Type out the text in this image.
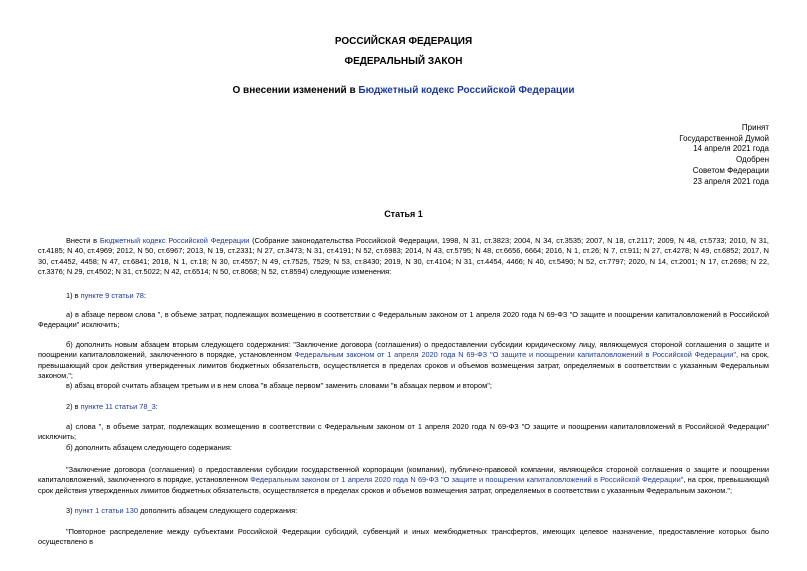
РОССИЙСКАЯ ФЕДЕРАЦИЯ
ФЕДЕРАЛЬНЫЙ ЗАКОН
О внесении изменений в Бюджетный кодекс Российской Федерации
Принят
Государственной Думой
14 апреля 2021 года
Одобрен
Советом Федерации
23 апреля 2021 года
Статья 1
Внести в Бюджетный кодекс Российской Федерации (Собрание законодательства Российской Федерации, 1998, N 31, ст.3823; 2004, N 34, ст.3535; 2007, N 18, ст.2117; 2009, N 48, ст.5733; 2010, N 31, ст.4185; N 40, ст.4969; 2012, N 50, ст.6967; 2013, N 19, ст.2331; N 27, ст.3473; N 31, ст.4191; N 52, ст.6983; 2014, N 43, ст.5795; N 48, ст.6656, 6664; 2016, N 1, ст.26; N 7, ст.911; N 27, ст.4278; N 49, ст.6852; 2017, N 30, ст.4452, 4458; N 47, ст.6841; 2018, N 1, ст.18; N 30, ст.4557; N 49, ст.7525, 7529; N 53, ст.8430; 2019, N 30, ст.4104; N 31, ст.4454, 4466; N 40, ст.5490; N 52, ст.7797; 2020, N 14, ст.2001; N 17, ст.2698; N 22, ст.3376; N 29, ст.4502; N 31, ст.5022; N 42, ст.6514; N 50, ст.8068; N 52, ст.8594) следующие изменения:
1) в пункте 9 статьи 78:
а) в абзаце первом слова ", в объеме затрат, подлежащих возмещению в соответствии с Федеральным законом от 1 апреля 2020 года N 69-ФЗ "О защите и поощрении капиталовложений в Российской Федерации" исключить;
б) дополнить новым абзацем вторым следующего содержания: "Заключение договора (соглашения) о предоставлении субсидии юридическому лицу, являющемуся стороной соглашения о защите и поощрении капиталовложений, заключенного в порядке, установленном Федеральным законом от 1 апреля 2020 года N 69-ФЗ "О защите и поощрении капиталовложений в Российской Федерации", на срок, превышающий срок действия утвержденных лимитов бюджетных обязательств, осуществляется в пределах сроков и объемов возмещения затрат, определяемых в соответствии с указанным Федеральным законом.";
в) абзац второй считать абзацем третьим и в нем слова "в абзаце первом" заменить словами "в абзацах первом и втором";
2) в пункте 11 статьи 78_3:
а) слова ", в объеме затрат, подлежащих возмещению в соответствии с Федеральным законом от 1 апреля 2020 года N 69-ФЗ "О защите и поощрении капиталовложений в Российской Федерации" исключить;
б) дополнить абзацем следующего содержания:
"Заключение договора (соглашения) о предоставлении субсидии государственной корпорации (компании), публично-правовой компании, являющейся стороной соглашения о защите и поощрении капиталовложений, заключенного в порядке, установленном Федеральным законом от 1 апреля 2020 года N 69-ФЗ "О защите и поощрении капиталовложений в Российской Федерации", на срок, превышающий срок действия утвержденных лимитов бюджетных обязательств, осуществляется в пределах сроков и объемов возмещения затрат, определяемых в соответствии с указанным Федеральным законом.";
3) пункт 1 статьи 130 дополнить абзацем следующего содержания:
"Повторное распределение между субъектами Российской Федерации субсидий, субвенций и иных межбюджетных трансфертов, имеющих целевое назначение, предоставление которых было осуществлено в
